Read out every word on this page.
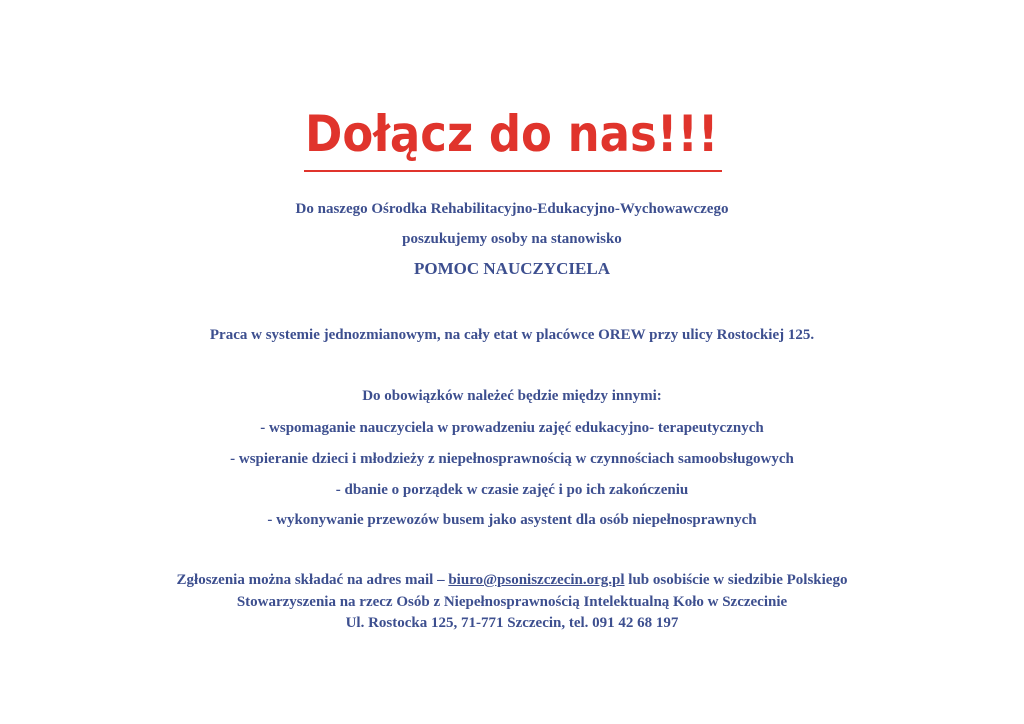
Dołącz do nas!!!
Do naszego Ośrodka Rehabilitacyjno-Edukacyjno-Wychowawczego
poszukujemy osoby na stanowisko
POMOC NAUCZYCIELA
Praca w systemie jednozmianowym, na cały etat w placówce OREW przy ulicy Rostockiej 125.
Do obowiązków należeć będzie między innymi:
- wspomaganie nauczyciela w prowadzeniu zajęć edukacyjno- terapeutycznych
- wspieranie dzieci i młodzieży z niepełnosprawnością w czynnościach samoobsługowych
- dbanie o porządek w czasie zajęć i po ich zakończeniu
- wykonywanie przewozów busem jako asystent dla osób niepełnosprawnych
Zgłoszenia można składać na adres mail – biuro@psoniszczecin.org.pl lub osobiście w siedzibie Polskiego
Stowarzyszenia na rzecz Osób z Niepełnosprawnością Intelektualną Koło w Szczecinie
Ul. Rostocka 125, 71-771 Szczecin, tel. 091 42 68 197
